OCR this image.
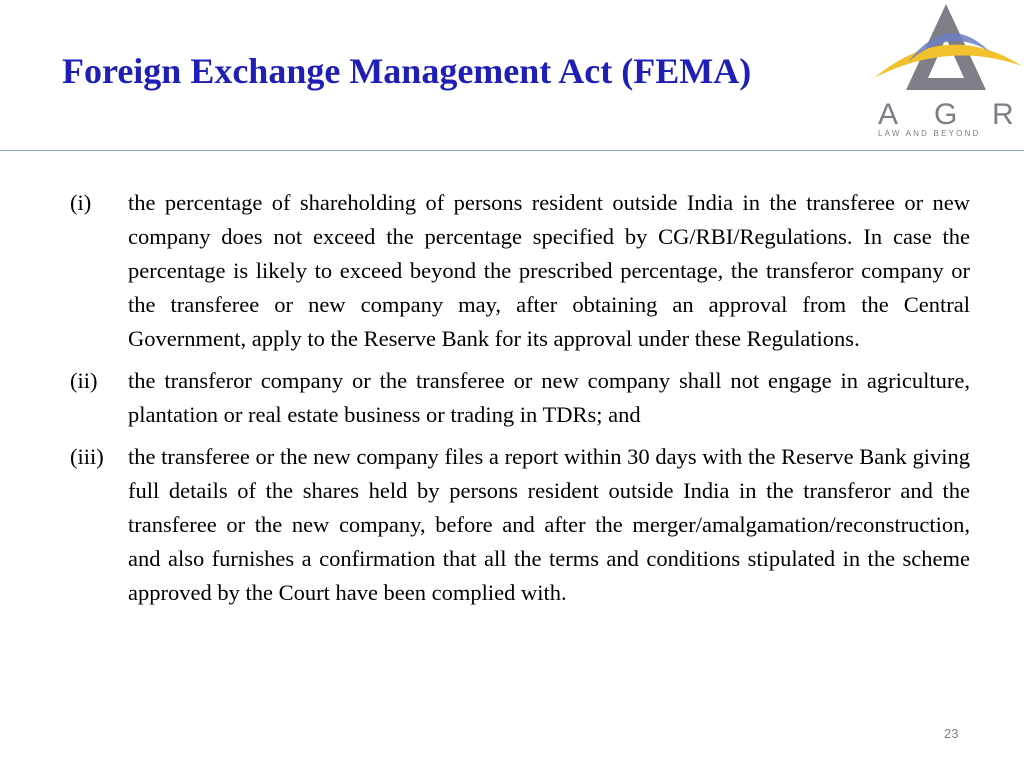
Foreign Exchange Management Act (FEMA)
A G R
LAW AND BEYOND
(i)	the percentage of shareholding of persons resident outside India in the transferee or new company does not exceed the percentage specified by CG/RBI/Regulations. In case the percentage is likely to exceed beyond the prescribed percentage, the transferor company or the transferee or new company may, after obtaining an approval from the Central Government, apply to the Reserve Bank for its approval under these Regulations.
(ii)	the transferor company or the transferee or new company shall not engage in agriculture, plantation or real estate business or trading in TDRs; and
(iii)	the transferee or the new company files a report within 30 days with the Reserve Bank giving full details of the shares held by persons resident outside India in the transferor and the transferee or the new company, before and after the merger/amalgamation/reconstruction, and also furnishes a confirmation that all the terms and conditions stipulated in the scheme approved by the Court have been complied with.
23
